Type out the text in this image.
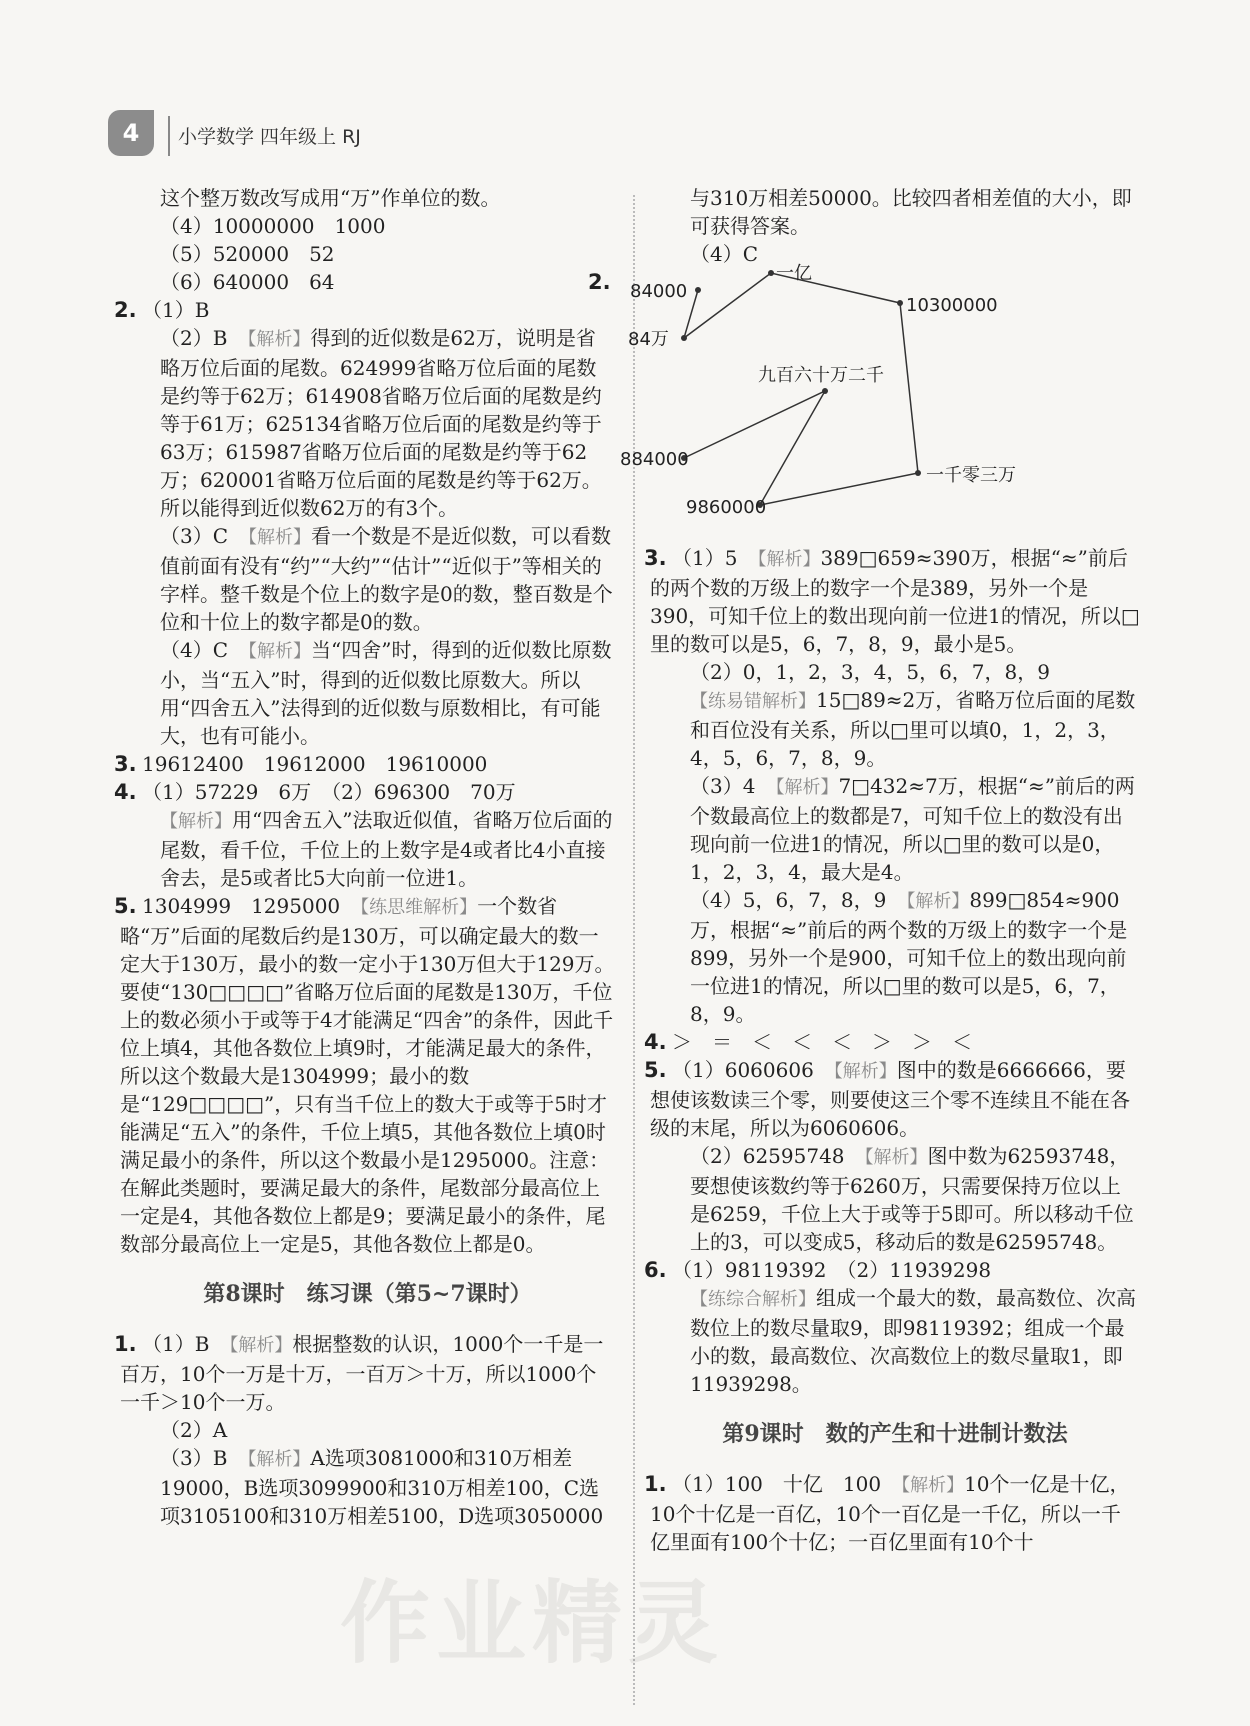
4	小学数学 四年级上 RJ

这个整万数改写成用“万”作单位的数。

（4）10000000　1000

（5）520000　52

（6）640000　64

2. （1）B

（2）B　【解析】得到的近似数是62万，说明是省略万位后面的尾数。624999省略万位后面的尾数是约等于62万；614908省略万位后面的尾数是约等于61万；625134省略万位后面的尾数是约等于63万；615987省略万位后面的尾数是约等于62万；620001省略万位后面的尾数是约等于62万。所以能得到近似数62万的有3个。

（3）C　【解析】看一个数是不是近似数，可以看数值前面有没有“约”“大约”“估计”“近似于”等相关的字样。整千数是个位上的数字是0的数，整百数是个位和十位上的数字都是0的数。

（4）C　【解析】当“四舍”时，得到的近似数比原数小，当“五入”时，得到的近似数比原数大。所以用“四舍五入”法得到的近似数与原数相比，有可能大，也有可能小。

3. 19612400　19612000　19610000

4. （1）57229　6万　（2）696300　70万

【解析】用“四舍五入”法取近似值，省略万位后面的尾数，看千位，千位上的上数字是4或者比4小直接舍去，是5或者比5大向前一位进1。

5. 1304999　1295000　【练思维解析】一个数省略“万”后面的尾数后约是130万，可以确定最大的数一定大于130万，最小的数一定小于130万但大于129万。要使“130□□□□”省略万位后面的尾数是130万，千位上的数必须小于或等于4才能满足“四舍”的条件，因此千位上填4，其他各数位上填9时，才能满足最大的条件，所以这个数最大是1304999；最小的数是“129□□□□”，只有当千位上的数大于或等于5时才能满足“五入”的条件，千位上填5，其他各数位上填0时满足最小的条件，所以这个数最小是1295000。注意：在解此类题时，要满足最大的条件，尾数部分最高位上一定是4，其他各数位上都是9；要满足最小的条件，尾数部分最高位上一定是5，其他各数位上都是0。

第8课时　练习课（第5~7课时）

1. （1）B　【解析】根据整数的认识，1000个一千是一百万，10个一万是十万，一百万＞十万，所以1000个一千＞10个一万。

（2）A

（3）B　【解析】A选项3081000和310万相差19000，B选项3099900和310万相差100，C选项3105100和310万相差5100，D选项3050000

与310万相差50000。比较四者相差值的大小，即可获得答案。

（4）C

2.	84000
一亿
10300000
84万
九百六十万二千
884000
一千零三万
9860000

3. （1）5　【解析】389□659≈390万，根据“≈”前后的两个数的万级上的数字一个是389，另外一个是390，可知千位上的数出现向前一位进1的情况，所以□里的数可以是5，6，7，8，9，最小是5。

（2）0，1，2，3，4，5，6，7，8，9

【练易错解析】15□89≈2万，省略万位后面的尾数和百位没有关系，所以□里可以填0，1，2，3，4，5，6，7，8，9。

（3）4　【解析】7□432≈7万，根据“≈”前后的两个数最高位上的数都是7，可知千位上的数没有出现向前一位进1的情况，所以□里的数可以是0，1，2，3，4，最大是4。

（4）5，6，7，8，9　【解析】899□854≈900万，根据“≈”前后的两个数的万级上的数字一个是899，另外一个是900，可知千位上的数出现向前一位进1的情况，所以□里的数可以是5，6，7，8，9。

4. ＞　＝　＜　＜　＜　＞　＞　＜

5. （1）6060606　【解析】图中的数是6666666，要想使该数读三个零，则要使这三个零不连续且不能在各级的末尾，所以为6060606。

（2）62595748　【解析】图中数为62593748，要想使该数约等于6260万，只需要保持万位以上是6259，千位上大于或等于5即可。所以移动千位上的3，可以变成5，移动后的数是62595748。

6. （1）98119392　（2）11939298

【练综合解析】组成一个最大的数，最高数位、次高数位上的数尽量取9，即98119392；组成一个最小的数，最高数位、次高数位上的数尽量取1，即11939298。

第9课时　数的产生和十进制计数法

1. （1）100　十亿　100　【解析】10个一亿是十亿，10个十亿是一百亿，10个一百亿是一千亿，所以一千亿里面有100个十亿；一百亿里面有10个十

作业精灵
